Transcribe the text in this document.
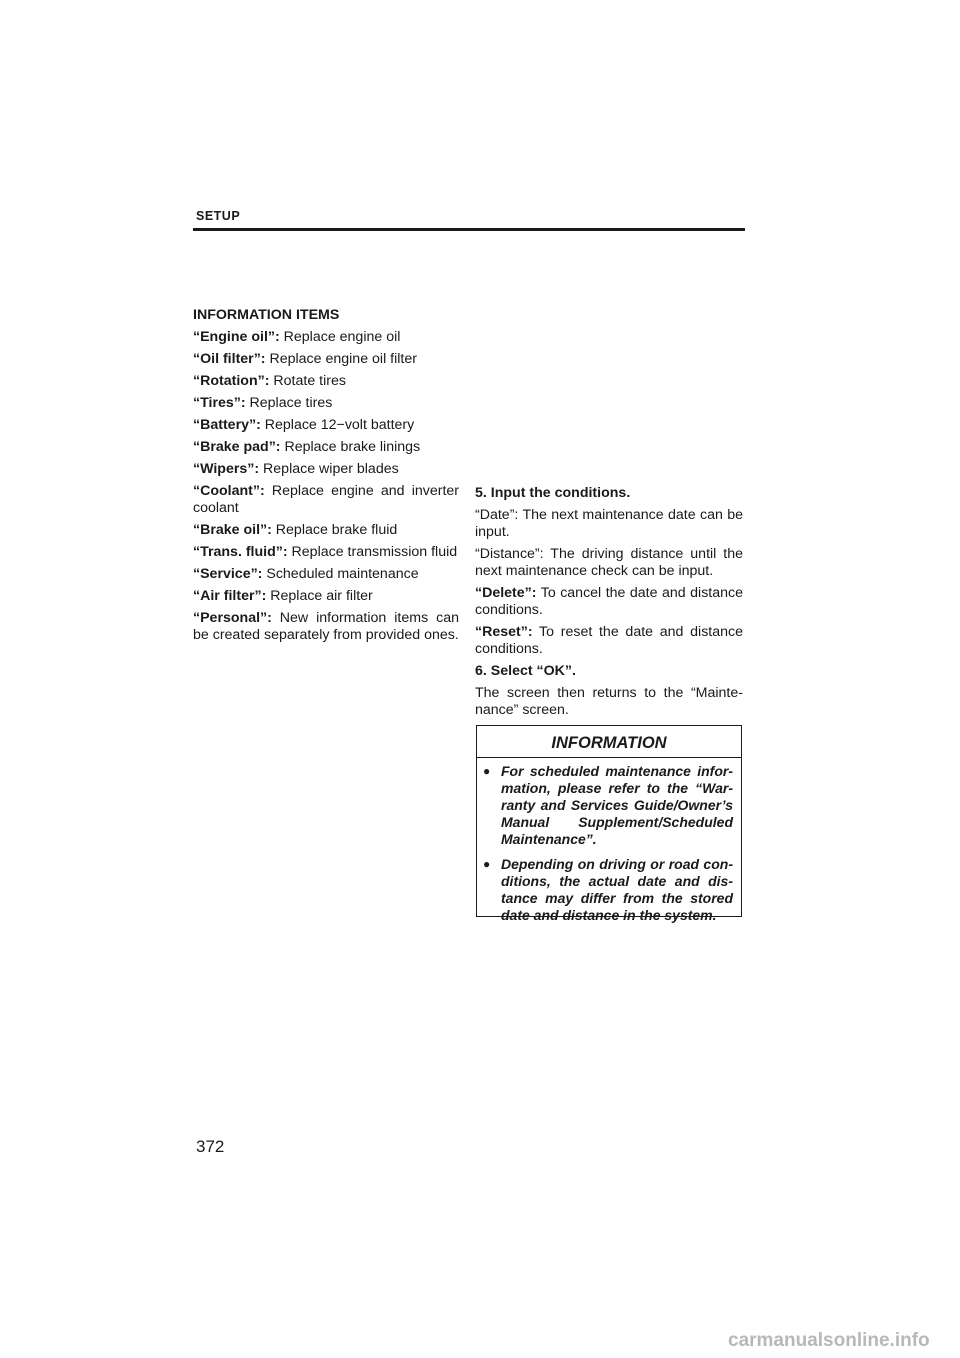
SETUP
INFORMATION ITEMS
“Engine oil”: Replace engine oil
“Oil filter”: Replace engine oil filter
“Rotation”: Rotate tires
“Tires”: Replace tires
“Battery”: Replace 12−volt battery
“Brake pad”: Replace brake linings
“Wipers”: Replace wiper blades
“Coolant”: Replace engine and inverter coolant
“Brake oil”: Replace brake fluid
“Trans. fluid”: Replace transmission fluid
“Service”: Scheduled maintenance
“Air filter”: Replace air filter
“Personal”: New information items can be created separately from provided ones.
5. Input the conditions.
“Date”: The next maintenance date can be input.
“Distance”: The driving distance until the next maintenance check can be input.
“Delete”: To cancel the date and distance conditions.
“Reset”: To reset the date and distance conditions.
6. Select “OK”.
The screen then returns to the “Mainte- nance” screen.
INFORMATION
● For scheduled maintenance infor- mation, please refer to the “War- ranty and Services Guide/Owner’s Manual Supplement/Scheduled Maintenance”.
● Depending on driving or road con- ditions, the actual date and dis- tance may differ from the stored date and distance in the system.
372
carmanualsonline.info
